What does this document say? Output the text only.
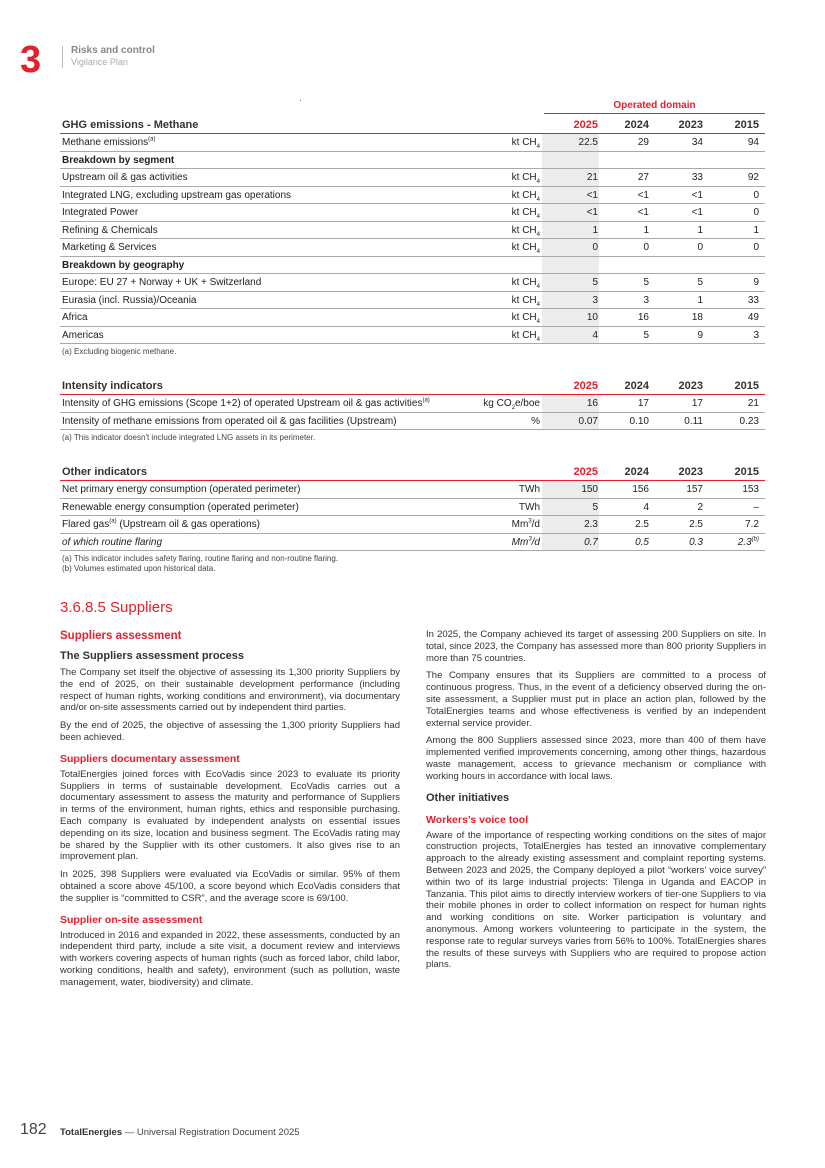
3	Risks and control
Vigilance Plan
Operated domain
GHG emissions - Methane	2025	2024	2023	2015
Methane emissions$^{(a)}$	kt $CH_4$	22.5	29	34	94
Breakdown by segment
Upstream oil & gas activities	kt $CH_4$	21	27	33	92
Integrated LNG, excluding upstream gas operations	kt $CH_4$	<1	<1	<1	0
Integrated Power	kt $CH_4$	<1	<1	<1	0
Refining & Chemicals	kt $CH_4$	1	1	1	1
Marketing & Services	kt $CH_4$	0	0	0	0
Breakdown by geography
Europe: EU 27 + Norway + UK + Switzerland	kt $CH_4$	5	5	5	9
Eurasia (incl. Russia)/Oceania	kt $CH_4$	3	3	1	33
Africa	kt $CH_4$	10	16	18	49
Americas	kt $CH_4$	4	5	9	3
(a) Excluding biogenic methane.
Intensity indicators	2025	2024	2023	2015
Intensity of GHG emissions (Scope 1+2) of operated Upstream oil & gas activities$^{(a)}$	kg $CO_2e$/boe	16	17	17	21
Intensity of methane emissions from operated oil & gas facilities (Upstream)	%	0.07	0.10	0.11	0.23
(a) This indicator doesn't include integrated LNG assets in its perimeter.
Other indicators	2025	2024	2023	2015
Net primary energy consumption (operated perimeter)	TWh	150	156	157	153
Renewable energy consumption (operated perimeter)	TWh	5	4	2	–
Flared gas$^{(a)}$ (Upstream oil & gas operations)	Mm$^3$/d	2.3	2.5	2.5	7.2
of which routine flaring	Mm$^3$/d	0.7	0.5	0.3	2.3$^{(b)}$
(a) This indicator includes safety flaring, routine flaring and non-routine flaring.
(b) Volumes estimated upon historical data.
3.6.8.5 Suppliers
Suppliers assessment
The Suppliers assessment process

The Company set itself the objective of assessing its 1,300 priority Suppliers by the end of 2025, on their sustainable development performance (including respect of human rights, working conditions and environment), via documentary and/or on-site assessments carried out by independent third parties.

By the end of 2025, the objective of assessing the 1,300 priority Suppliers had been achieved.

Suppliers documentary assessment

TotalEnergies joined forces with EcoVadis since 2023 to evaluate its priority Suppliers in terms of sustainable development. EcoVadis carries out a documentary assessment to assess the maturity and performance of Suppliers in terms of the environment, human rights, ethics and responsible purchasing. Each company is evaluated by independent analysts on essential issues depending on its size, location and business segment. The EcoVadis rating may be shared by the Supplier with its other customers. It also gives rise to an improvement plan.

In 2025, 398 Suppliers were evaluated via EcoVadis or similar. 95% of them obtained a score above 45/100, a score beyond which EcoVadis considers that the supplier is “committed to CSR”, and the average score is 69/100.

Supplier on-site assessment

Introduced in 2016 and expanded in 2022, these assessments, conducted by an independent third party, include a site visit, a document review and interviews with workers covering aspects of human rights (such as forced labor, child labor, working conditions, health and safety), environment (such as pollution, waste management, water, biodiversity) and climate.

In 2025, the Company achieved its target of assessing 200 Suppliers on site. In total, since 2023, the Company has assessed more than 800 priority Suppliers in more than 75 countries.

The Company ensures that its Suppliers are committed to a process of continuous progress. Thus, in the event of a deficiency observed during the on-site assessment, a Supplier must put in place an action plan, followed by the TotalEnergies teams and whose effectiveness is verified by an independent external service provider.

Among the 800 Suppliers assessed since 2023, more than 400 of them have implemented verified improvements concerning, among other things, hazardous waste management, access to grievance mechanism or compliance with working hours in accordance with local laws.

Other initiatives
Workers’s voice tool

Aware of the importance of respecting working conditions on the sites of major construction projects, TotalEnergies has tested an innovative complementary approach to the already existing assessment and complaint reporting systems. Between 2023 and 2025, the Company deployed a pilot “workers’ voice survey” within two of its large industrial projects: Tilenga in Uganda and EACOP in Tanzania. This pilot aims to directly interview workers of tier-one Suppliers to via their mobile phones in order to collect information on respect for human rights and working conditions on site. Worker participation is voluntary and anonymous. Among workers volunteering to participate in the system, the response rate to regular surveys varies from 56% to 100%. TotalEnergies shares the results of these surveys with Suppliers who are required to propose action plans.

182 TotalEnergies — Universal Registration Document 2025
